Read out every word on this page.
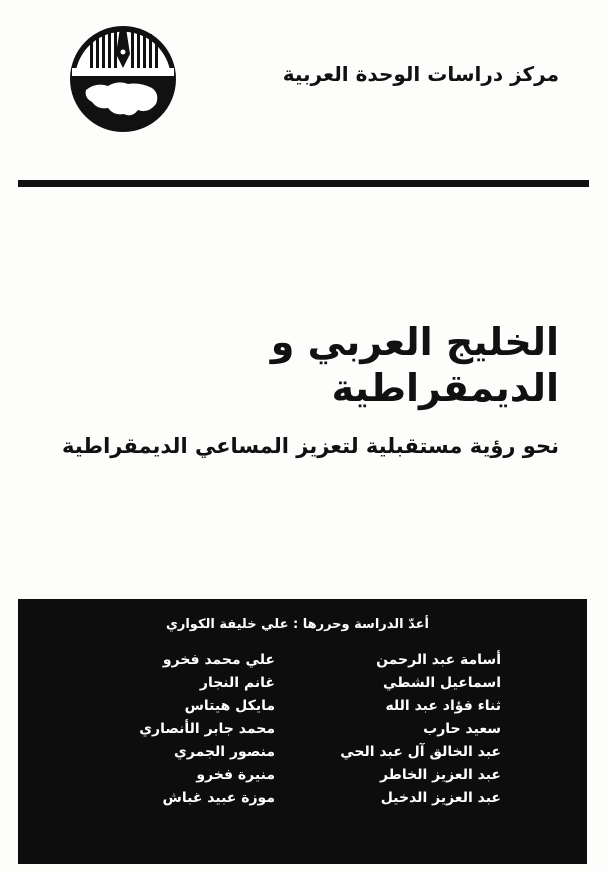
مركز دراسات الوحدة العربية
الخليج العربي و الديمقراطية
نحو رؤية مستقبلية لتعزيز المساعي الديمقراطية
أعدّ الدراسة وحررها : علي خليفة الكواري
أسامة عبد الرحمن
اسماعيل الشطي
ثناء فؤاد عبد الله
سعيد حارب
عبد الخالق آل عبد الحي
عبد العزيز الخاطر
عبد العزيز الدخيل
علي محمد فخرو
غانم النجار
مايكل هيتاس
محمد جابر الأنصاري
منصور الجمري
منيرة فخرو
موزة عبيد غباش
